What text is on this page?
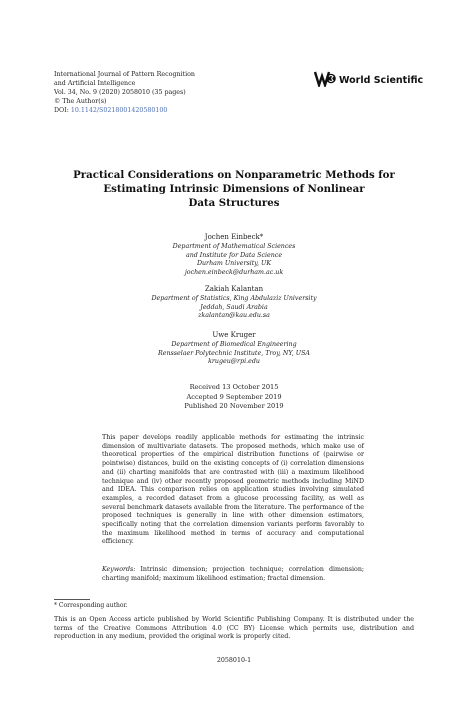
International Journal of Pattern Recognition
and Artificial Intelligence
Vol. 34, No. 9 (2020) 2058010 (35 pages)
© The Author(s)
DOI: 10.1142/S0218001420580100
World Scientific
Practical Considerations on Nonparametric Methods for
Estimating Intrinsic Dimensions of Nonlinear
Data Structures
Jochen Einbeck*
Department of Mathematical Sciences
and Institute for Data Science
Durham University, UK
jochen.einbeck@durham.ac.uk
Zakiah Kalantan
Department of Statistics, King Abdulaziz University
Jeddah, Saudi Arabia
zkalantan@kau.edu.sa
Uwe Kruger
Department of Biomedical Engineering
Rensselaer Polytechnic Institute, Troy, NY, USA
krugeu@rpi.edu
Received 13 October 2015
Accepted 9 September 2019
Published 20 November 2019
This paper develops readily applicable methods for estimating the intrinsic dimension of multivariate datasets. The proposed methods, which make use of theoretical properties of the empirical distribution functions of (pairwise or pointwise) distances, build on the existing concepts of (i) correlation dimensions and (ii) charting manifolds that are contrasted with (iii) a maximum likelihood technique and (iv) other recently proposed geometric methods including MiND and IDEA. This comparison relies on application studies involving simulated examples, a recorded dataset from a glucose processing facility, as well as several benchmark datasets available from the literature. The performance of the proposed techniques is generally in line with other dimension estimators, specifically noting that the correlation dimension variants perform favorably to the maximum likelihood method in terms of accuracy and computational efficiency.
Keywords: Intrinsic dimension; projection technique; correlation dimension; charting manifold; maximum likelihood estimation; fractal dimension.
* Corresponding author.
This is an Open Access article published by World Scientific Publishing Company. It is distributed under the terms of the Creative Commons Attribution 4.0 (CC BY) License which permits use, distribution and reproduction in any medium, provided the original work is properly cited.
2058010-1
